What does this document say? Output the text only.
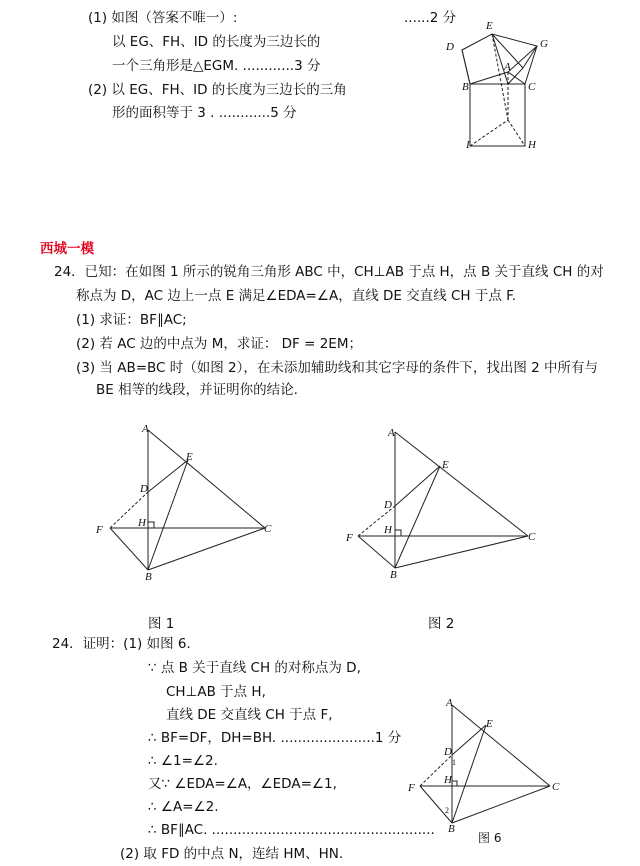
(1) 如图（答案不唯一）:	......2 分
以 EG、FH、ID 的长度为三边长的
一个三角形是△EGM. ............3 分
(2) 以 EG、FH、ID 的长度为三边长的三角
形的面积等于 3 . ............5 分
E
D	G
A
B	C
I	H
西城一模
24．已知：在如图 1 所示的锐角三角形 ABC 中，CH⊥AB 于点 H，点 B 关于直线 CH 的对
称点为 D，AC 边上一点 E 满足∠EDA=∠A，直线 DE 交直线 CH 于点 F.
(1) 求证：BF∥AC;
(2) 若 AC 边的中点为 M，求证： DF = 2EM；
(3) 当 AB=BC 时（如图 2），在未添加辅助线和其它字母的条件下，找出图 2 中所有与
BE 相等的线段，并证明你的结论.
A
E
D
H
F	C
B
图 1
A
E
D
H
F	C
B
图 2
24．证明：(1) 如图 6．
∵ 点 B 关于直线 CH 的对称点为 D,
CH⊥AB 于点 H,
直线 DE 交直线 CH 于点 F,
∴ BF=DF，DH=BH. ......................1 分
∴ ∠1=∠2.
又∵ ∠EDA=∠A，∠EDA=∠1,
∴ ∠A=∠2.
∴ BF∥AC. ....................................................
(2) 取 FD 的中点 N，连结 HM、HN.
A
E
D
1
H
F	C
2
B
图 6
